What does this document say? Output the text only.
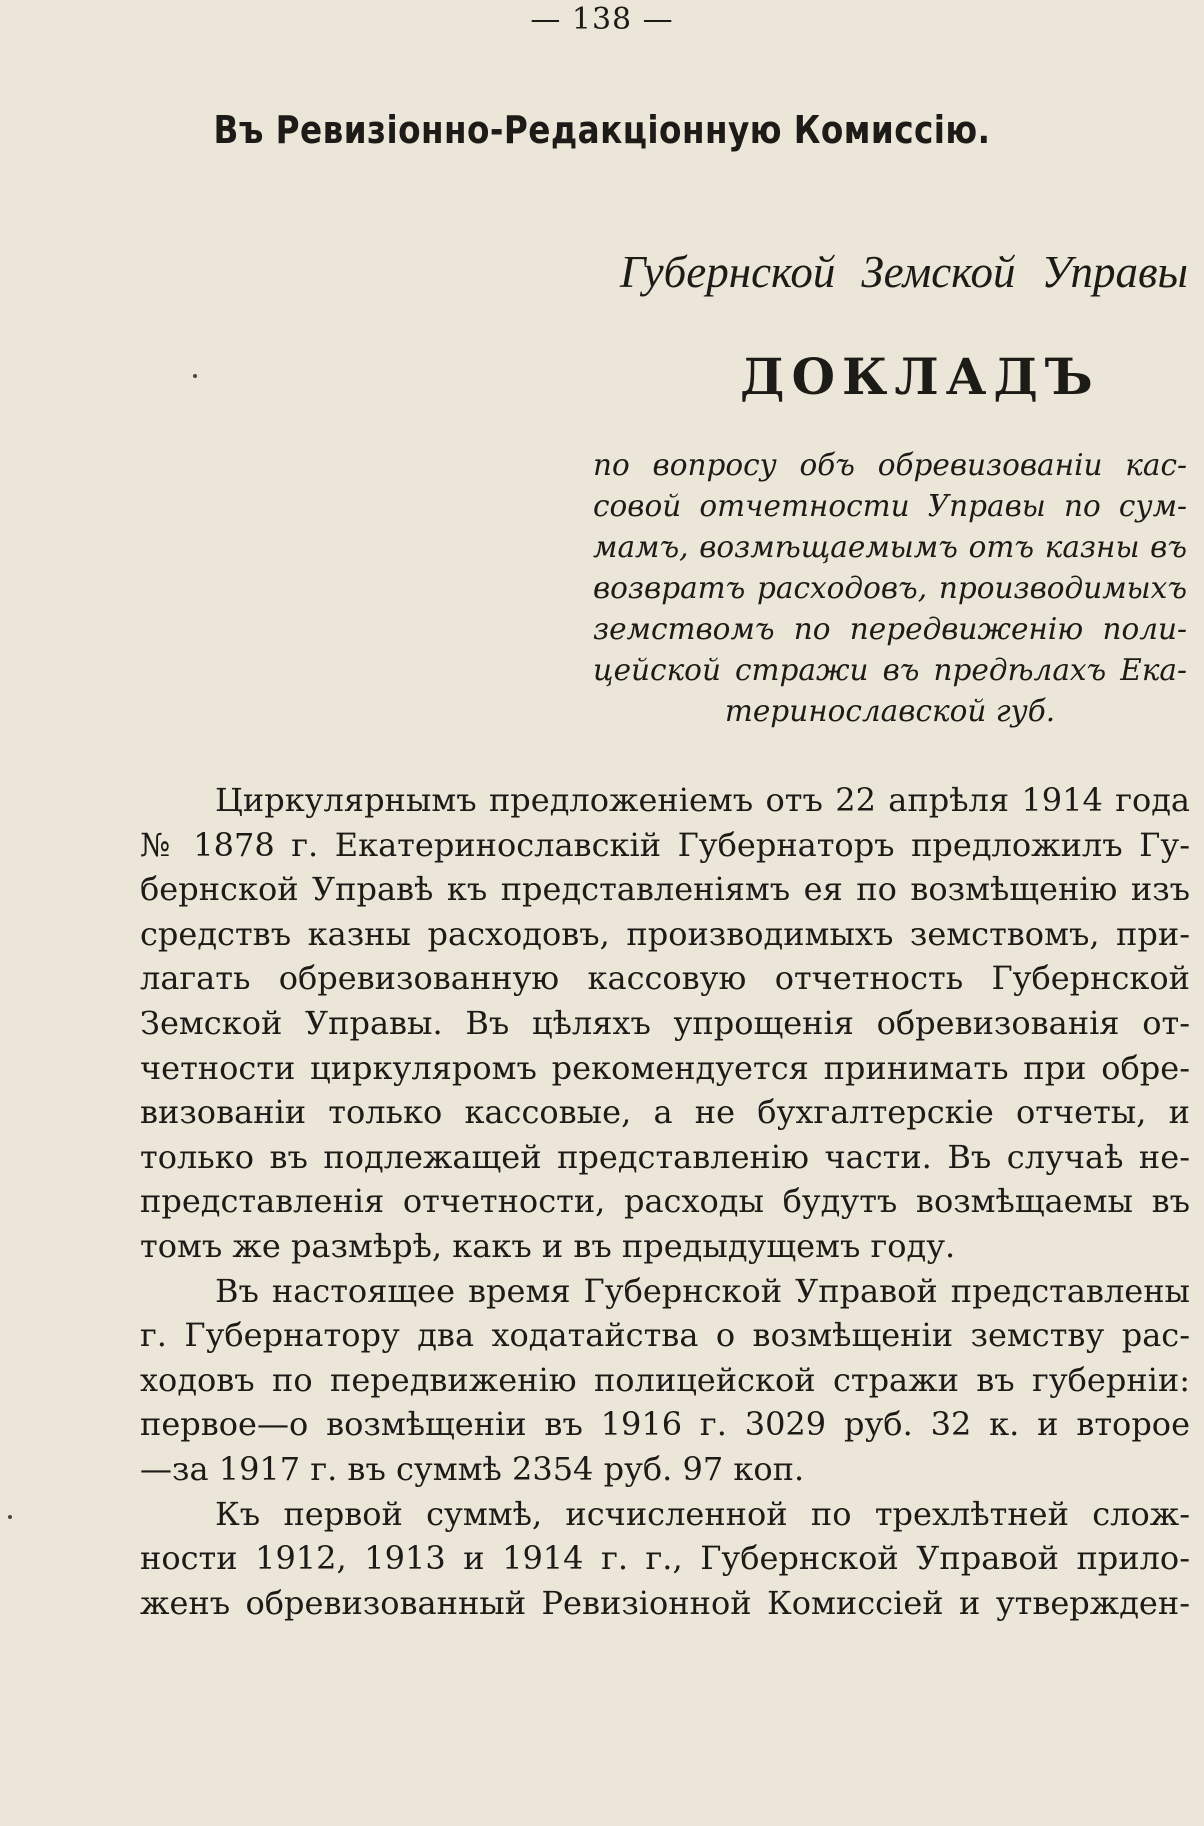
— 138 —
Въ Ревизіонно-Редакціонную Комиссію.
Губернской Земской Управы
ДОКЛАДЪ
по вопросу объ обревизованіи кас-
совой отчетности Управы по сум-
мамъ, возмѣщаемымъ отъ казны въ
возвратъ расходовъ, производимыхъ
земствомъ по передвиженію поли-
цейской стражи въ предѣлахъ Ека-
теринославской губ.
Циркулярнымъ предложеніемъ отъ 22 апрѣля 1914 года
№ 1878 г. Екатеринославскій Губернаторъ предложилъ Гу-
бернской Управѣ къ представленіямъ ея по возмѣщенію изъ
средствъ казны расходовъ, производимыхъ земствомъ, при-
лагать обревизованную кассовую отчетность Губернской
Земской Управы. Въ цѣляхъ упрощенія обревизованія от-
четности циркуляромъ рекомендуется принимать при обре-
визованіи только кассовые, а не бухгалтерскіе отчеты, и
только въ подлежащей представленію части. Въ случаѣ не-
представленія отчетности, расходы будутъ возмѣщаемы въ
томъ же размѣрѣ, какъ и въ предыдущемъ году.
Въ настоящее время Губернской Управой представлены
г. Губернатору два ходатайства о возмѣщеніи земству рас-
ходовъ по передвиженію полицейской стражи въ губерніи:
первое—о возмѣщеніи въ 1916 г. 3029 руб. 32 к. и второе
—за 1917 г. въ суммѣ 2354 руб. 97 коп.
Къ первой суммѣ, исчисленной по трехлѣтней слож-
ности 1912, 1913 и 1914 г. г., Губернской Управой прило-
женъ обревизованный Ревизіонной Комиссіей и утвержден-
